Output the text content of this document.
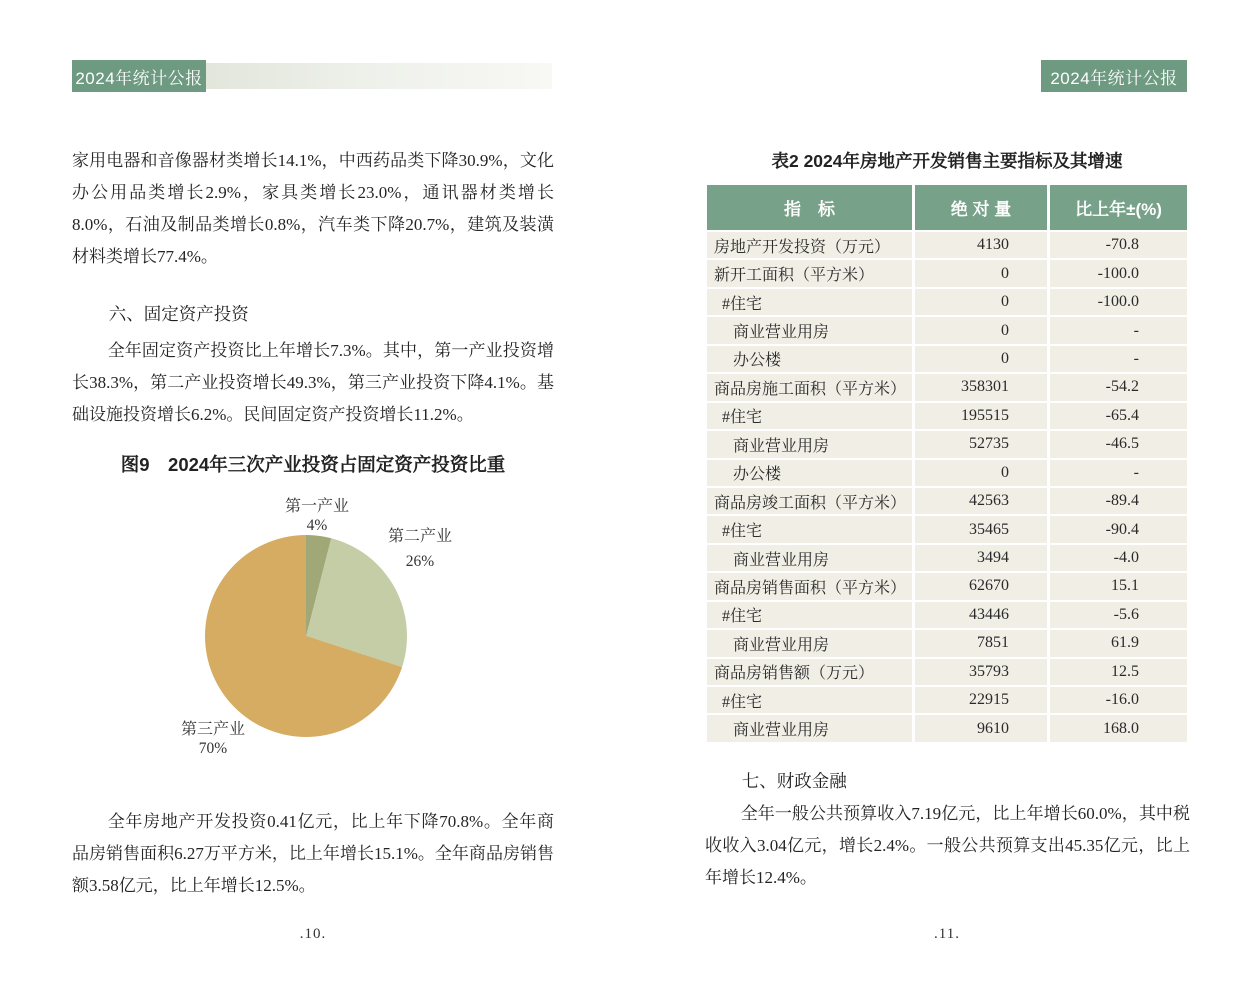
2024年统计公报
家用电器和音像器材类增长14.1%，中西药品类下降30.9%，文化办公用品类增长2.9%，家具类增长23.0%，通讯器材类增长8.0%，石油及制品类增长0.8%，汽车类下降20.7%，建筑及装潢材料类增长77.4%。
六、固定资产投资
全年固定资产投资比上年增长7.3%。其中，第一产业投资增长38.3%，第二产业投资增长49.3%，第三产业投资下降4.1%。基础设施投资增长6.2%。民间固定资产投资增长11.2%。
图9　2024年三次产业投资占固定资产投资比重
第一产业
4%
第二产业
26%
第三产业
70%
全年房地产开发投资0.41亿元，比上年下降70.8%。全年商品房销售面积6.27万平方米，比上年增长15.1%。全年商品房销售额3.58亿元，比上年增长12.5%。
.10.
2024年统计公报
表2 2024年房地产开发销售主要指标及其增速
指　标	绝 对 量	比上年±(%)
房地产开发投资（万元）	4130	-70.8
新开工面积（平方米）	0	-100.0
#住宅	0	-100.0
商业营业用房	0	-
办公楼	0	-
商品房施工面积（平方米）	358301	-54.2
#住宅	195515	-65.4
商业营业用房	52735	-46.5
办公楼	0	-
商品房竣工面积（平方米）	42563	-89.4
#住宅	35465	-90.4
商业营业用房	3494	-4.0
商品房销售面积（平方米）	62670	15.1
#住宅	43446	-5.6
商业营业用房	7851	61.9
商品房销售额（万元）	35793	12.5
#住宅	22915	-16.0
商业营业用房	9610	168.0
七、财政金融
全年一般公共预算收入7.19亿元，比上年增长60.0%，其中税收收入3.04亿元，增长2.4%。一般公共预算支出45.35亿元，比上年增长12.4%。
.11.
